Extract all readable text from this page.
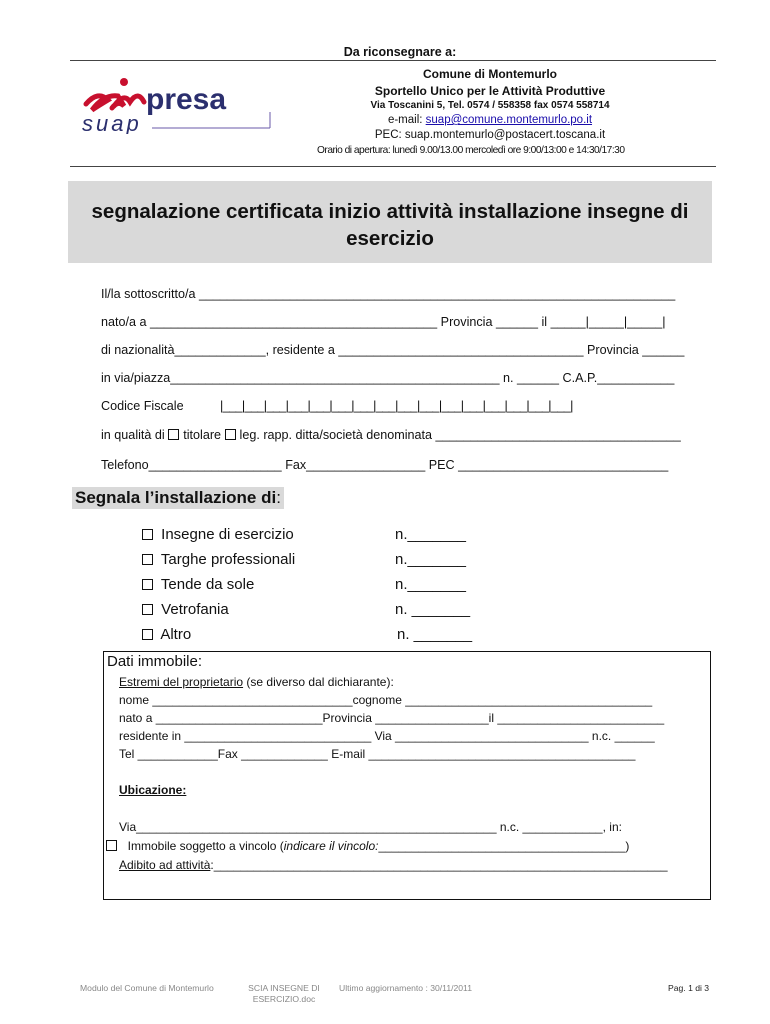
Da riconsegnare a:
presa
suap
Comune di Montemurlo
Sportello Unico per le Attività Produttive
Via Toscanini 5, Tel. 0574 / 558358 fax 0574 558714
e-mail: suap@comune.montemurlo.po.it
PEC: suap.montemurlo@postacert.toscana.it
Orario di apertura: lunedì 9.00/13.00 mercoledì ore 9:00/13:00 e 14:30/17:30
segnalazione certificata inizio attività installazione insegne di
esercizio
Il/la sottoscritto/a ____________________________________________________________________
nato/a a _________________________________________ Provincia ______ il _____|_____|_____|
di nazionalità_____________, residente a ___________________________________ Provincia ______
in via/piazza_______________________________________________ n. ______ C.A.P.___________
Codice Fiscale	|___|___|___|___|___|___|___|___|___|___|___|___|___|___|___|___|
in qualità di titolare leg. rapp. ditta/società denominata ___________________________________
Telefono___________________ Fax_________________ PEC ______________________________
Segnala l’installazione di:
Insegne di esercizio	n._______
Targhe professionali	n._______
Tende da sole	n._______
Vetrofania	n. _______
Altro	n. _______
Dati immobile:
Estremi del proprietario (se diverso dal dichiarante):
nome ______________________________cognome _____________________________________
nato a _________________________Provincia _________________il _________________________
residente in ____________________________ Via _____________________________ n.c. ______
Tel ____________Fax _____________ E-mail ________________________________________
Ubicazione:
Via______________________________________________________ n.c. ____________, in:
Immobile soggetto a vincolo (indicare il vincolo:_____________________________________)
Adibito ad attività:____________________________________________________________________
Modulo del Comune di Montemurlo	SCIA INSEGNE DI
ESERCIZIO.doc
Ultimo aggiornamento : 30/11/2011	Pag. 1 di 3
